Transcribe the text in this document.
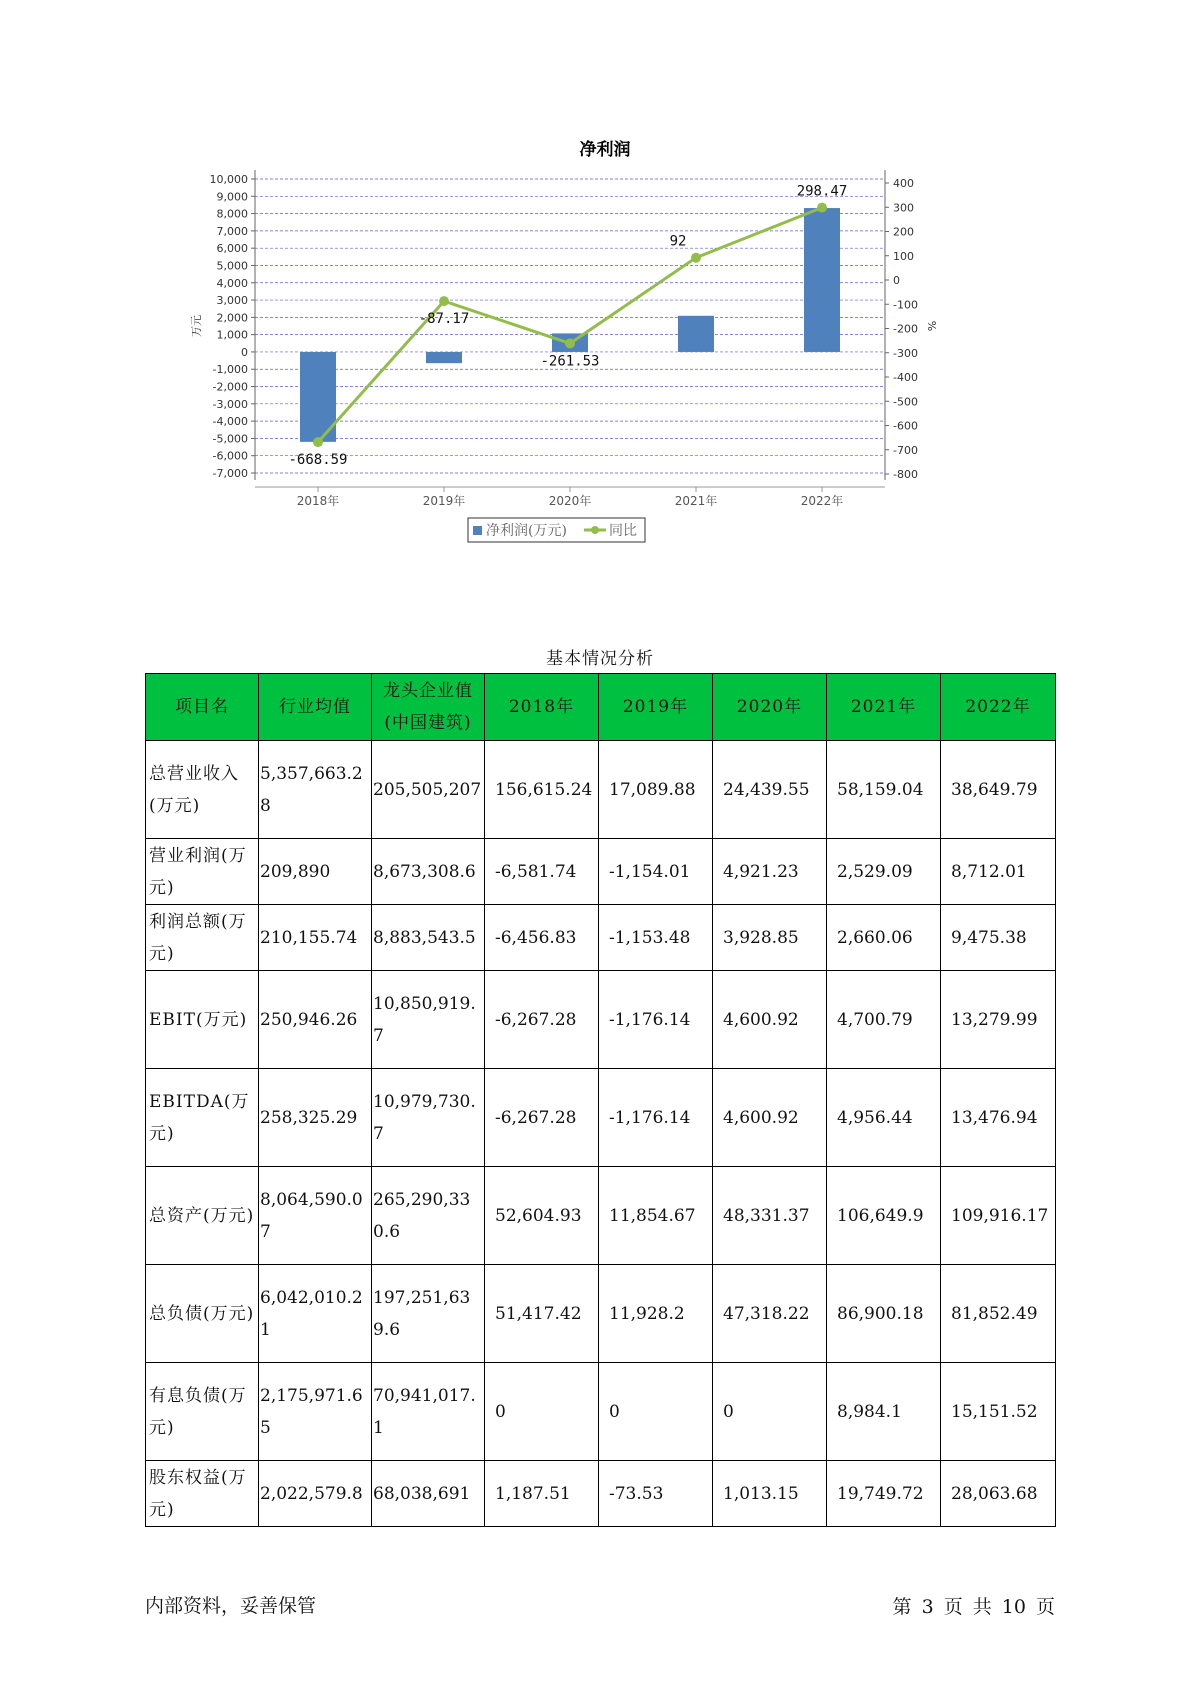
净利润
10,000
9,000
8,000
7,000
6,000
5,000
4,000
3,000
2,000
1,000
0
-1,000
-2,000
-3,000
-4,000
-5,000
-6,000
-7,000
400
300
200
100
0
-100
-200
-300
-400
-500
-600
-700
-800
万元	%
-668.59
-87.17
-261.53
92
298.47
2018年	2019年	2020年	2021年	2022年
净利润(万元)	同比
基本情况分析
项目名	行业均值	龙头企业值(中国建筑)	2018年	2019年	2020年	2021年	2022年
总营业收入(万元)	5,357,663.28	205,505,207	156,615.24	17,089.88	24,439.55	58,159.04	38,649.79
营业利润(万元)	209,890	8,673,308.6	-6,581.74	-1,154.01	4,921.23	2,529.09	8,712.01
利润总额(万元)	210,155.74	8,883,543.5	-6,456.83	-1,153.48	3,928.85	2,660.06	9,475.38
EBIT(万元)	250,946.26	10,850,919.7	-6,267.28	-1,176.14	4,600.92	4,700.79	13,279.99
EBITDA(万元)	258,325.29	10,979,730.7	-6,267.28	-1,176.14	4,600.92	4,956.44	13,476.94
总资产(万元)	8,064,590.07	265,290,330.6	52,604.93	11,854.67	48,331.37	106,649.9	109,916.17
总负债(万元)	6,042,010.21	197,251,639.6	51,417.42	11,928.2	47,318.22	86,900.18	81,852.49
有息负债(万元)	2,175,971.65	70,941,017.1	0	0	0	8,984.1	15,151.52
股东权益(万元)	2,022,579.8	68,038,691	1,187.51	-73.53	1,013.15	19,749.72	28,063.68
内部资料，妥善保管	第 3 页 共 10 页
